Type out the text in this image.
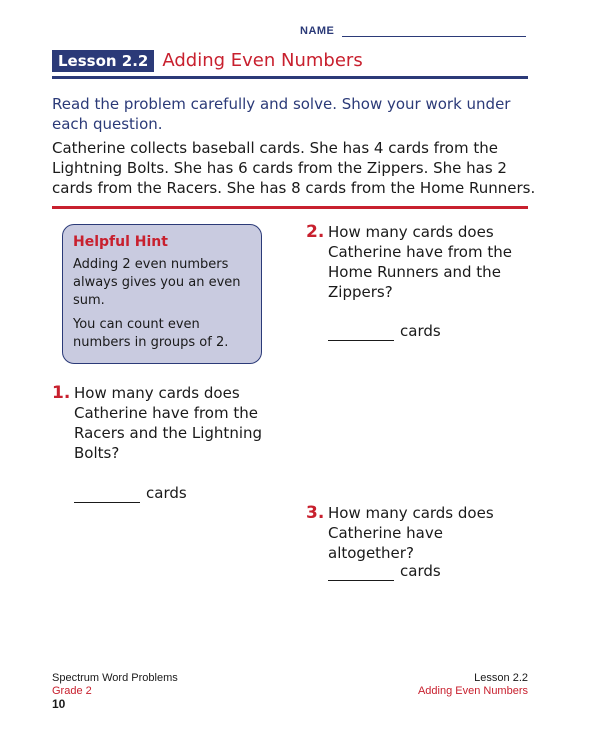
NAME
Lesson 2.2 Adding Even Numbers

Read the problem carefully and solve. Show your work under each question.

Catherine collects baseball cards. She has 4 cards from the Lightning Bolts. She has 6 cards from the Zippers. She has 2 cards from the Racers. She has 8 cards from the Home Runners.

Helpful Hint

Adding 2 even numbers always gives you an even sum.

You can count even numbers in groups of 2.

1. How many cards does Catherine have from the Racers and the Lightning Bolts?

cards
2. How many cards does Catherine have from the Home Runners and the Zippers?

cards
3. How many cards does Catherine have altogether?

cards
Spectrum Word Problems
Grade 2
10
Lesson 2.2
Adding Even Numbers
